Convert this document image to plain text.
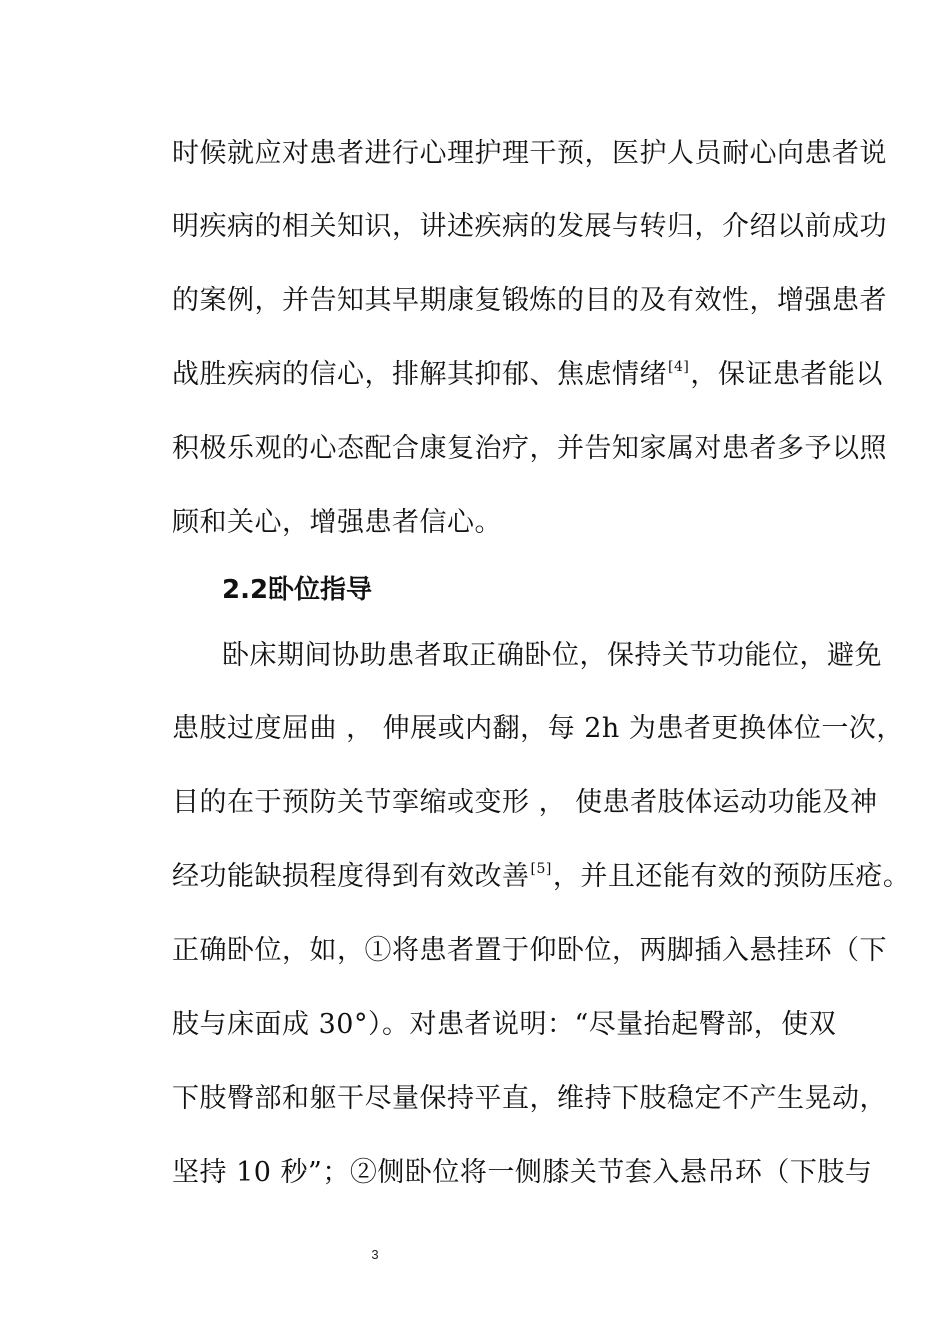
时候就应对患者进行心理护理干预，医护人员耐心向患者说
明疾病的相关知识，讲述疾病的发展与转归，介绍以前成功
的案例，并告知其早期康复锻炼的目的及有效性，增强患者
战胜疾病的信心，排解其抑郁、焦虑情绪[4]，保证患者能以
积极乐观的心态配合康复治疗，并告知家属对患者多予以照
顾和关心，增强患者信心。
2.2卧位指导
卧床期间协助患者取正确卧位，保持关节功能位，避免
患肢过度屈曲 ， 伸展或内翻，每 2h 为患者更换体位一次，
目的在于预防关节挛缩或变形 ， 使患者肢体运动功能及神
经功能缺损程度得到有效改善[5]，并且还能有效的预防压疮。
正确卧位，如，①将患者置于仰卧位，两脚插入悬挂环（下
肢与床面成 30°）。对患者说明：“尽量抬起臀部，使双
下肢臀部和躯干尽量保持平直，维持下肢稳定不产生晃动，
坚持 10 秒”；②侧卧位将一侧膝关节套入悬吊环（下肢与
3
